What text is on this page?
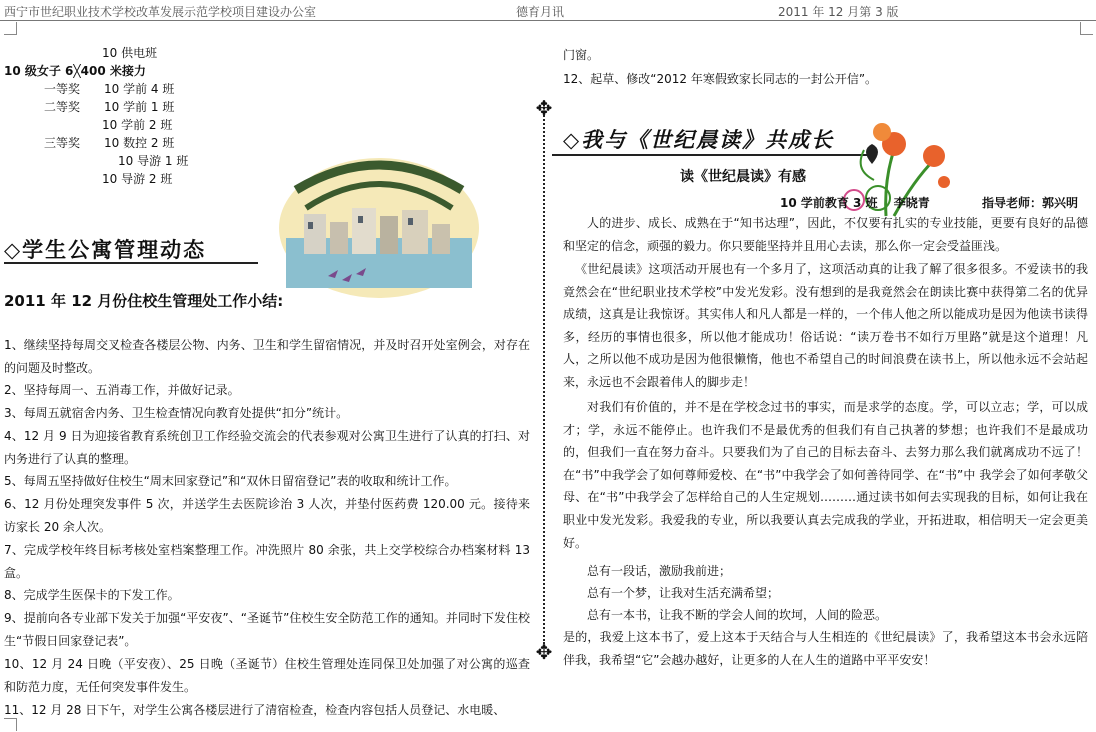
西宁市世纪职业技术学校改革发展示范学校项目建设办公室	德育月讯	2011 年 12 月第 3 版
10 供电班
10 级女子 6╳400 米接力
一等奖　　10 学前 4 班
二等奖　　10 学前 1 班
10 学前 2 班
三等奖　　10 数控 2 班
10 导游 1 班
10 导游 2 班
◇学生公寓管理动态
2011 年 12 月份住校生管理处工作小结:
1、继续坚持每周交叉检查各楼层公物、内务、卫生和学生留宿情况，并及时召开处室例会，对存在的问题及时整改。
2、坚持每周一、五消毒工作，并做好记录。
3、每周五就宿舍内务、卫生检查情况向教育处提供“扣分”统计。
4、12 月 9 日为迎接省教育系统创卫工作经验交流会的代表参观对公寓卫生进行了认真的打扫、对内务进行了认真的整理。
5、每周五坚持做好住校生“周末回家登记”和“双休日留宿登记”表的收取和统计工作。
6、12 月份处理突发事件 5 次，并送学生去医院诊治 3 人次，并垫付医药费 120.00 元。接待来访家长 20 余人次。
7、完成学校年终目标考核处室档案整理工作。冲洗照片 80 余张，共上交学校综合办档案材料 13 盒。
8、完成学生医保卡的下发工作。
9、提前向各专业部下发关于加强“平安夜”、“圣诞节”住校生安全防范工作的通知。并同时下发住校生“节假日回家登记表”。
10、12 月 24 日晚（平安夜）、25 日晚（圣诞节）住校生管理处连同保卫处加强了对公寓的巡查和防范力度，无任何突发事件发生。
11、12 月 28 日下午，对学生公寓各楼层进行了清宿检查，检查内容包括人员登记、水电暖、
✥
✥
门窗。
12、起草、修改“2012 年寒假致家长同志的一封公开信”。
◇我与《世纪晨读》共成长
读《世纪晨读》有感
10 学前教育 3 班　 李晓青	指导老师：郭兴明
人的进步、成长、成熟在于“知书达理”，因此，不仅要有扎实的专业技能，更要有良好的品德和坚定的信念，顽强的毅力。你只要能坚持并且用心去读，那么你一定会受益匪浅。
《世纪晨读》这项活动开展也有一个多月了，这项活动真的让我了解了很多很多。不爱读书的我竟然会在“世纪职业技术学校”中发光发彩。没有想到的是我竟然会在朗读比赛中获得第二名的优异成绩，这真是让我惊讶。其实伟人和凡人都是一样的，一个伟人他之所以能成功是因为他读书读得多，经历的事情也很多，所以他才能成功！俗话说：“读万卷书不如行万里路”就是这个道理！凡人，之所以他不成功是因为他很懒惰，他也不希望自己的时间浪费在读书上，所以他永远不会站起来，永远也不会跟着伟人的脚步走！
对我们有价值的，并不是在学校念过书的事实，而是求学的态度。学，可以立志；学，可以成才；学，永远不能停止。也许我们不是最优秀的但我们有自己执著的梦想；也许我们不是最成功的，但我们一直在努力奋斗。只要我们为了自己的目标去奋斗、去努力那么我们就离成功不远了！在“书”中我学会了如何尊师爱校、在“书”中我学会了如何善待同学、在“书”中 我学会了如何孝敬父母、在“书”中我学会了怎样给自己的人生定规划………通过读书如何去实现我的目标，如何让我在职业中发光发彩。我爱我的专业，所以我要认真去完成我的学业，开拓进取，相信明天一定会更美好。
总有一段话，激励我前进；
总有一个梦，让我对生活充满希望；
总有一本书，让我不断的学会人间的坎坷，人间的险恶。
是的，我爱上这本书了，爱上这本于天结合与人生相连的《世纪晨读》了，我希望这本书会永远陪伴我，我希望“它”会越办越好，让更多的人在人生的道路中平平安安！
